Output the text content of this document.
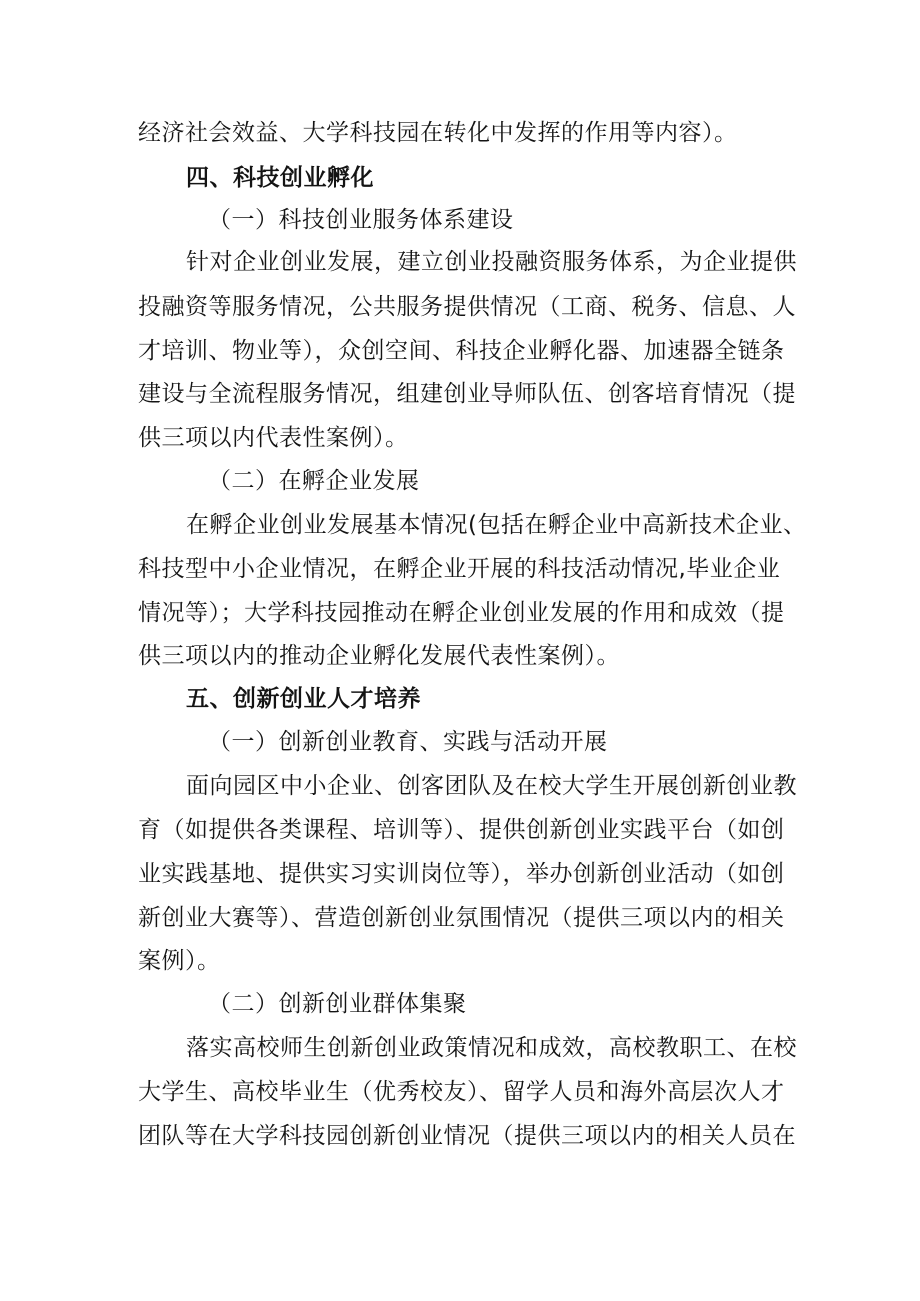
经济社会效益、大学科技园在转化中发挥的作用等内容）。
四、科技创业孵化
（一）科技创业服务体系建设
针对企业创业发展，建立创业投融资服务体系，为企业提供
投融资等服务情况，公共服务提供情况（工商、税务、信息、人
才培训、物业等），众创空间、科技企业孵化器、加速器全链条
建设与全流程服务情况，组建创业导师队伍、创客培育情况（提
供三项以内代表性案例）。
（二）在孵企业发展
在孵企业创业发展基本情况(包括在孵企业中高新技术企业、
科技型中小企业情况，在孵企业开展的科技活动情况,毕业企业
情况等）；大学科技园推动在孵企业创业发展的作用和成效（提
供三项以内的推动企业孵化发展代表性案例）。
五、创新创业人才培养
（一）创新创业教育、实践与活动开展
面向园区中小企业、创客团队及在校大学生开展创新创业教
育（如提供各类课程、培训等）、提供创新创业实践平台（如创
业实践基地、提供实习实训岗位等），举办创新创业活动（如创
新创业大赛等）、营造创新创业氛围情况（提供三项以内的相关
案例）。
（二）创新创业群体集聚
落实高校师生创新创业政策情况和成效，高校教职工、在校
大学生、高校毕业生（优秀校友）、留学人员和海外高层次人才
团队等在大学科技园创新创业情况（提供三项以内的相关人员在
